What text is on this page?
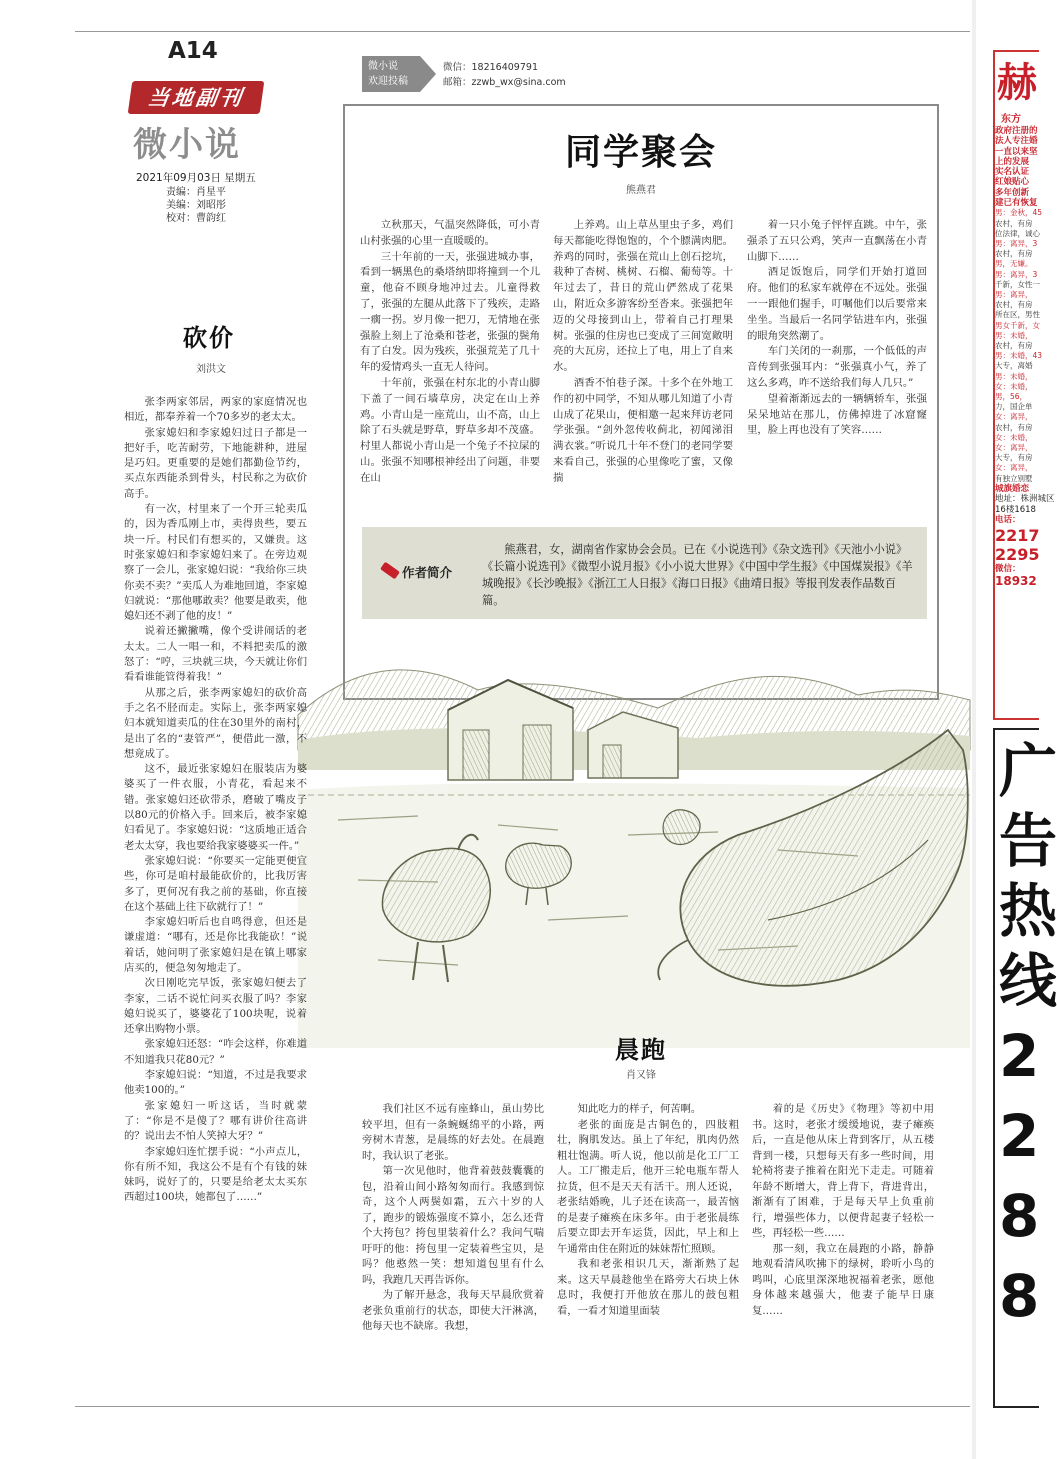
A14
当地副刊
微小说
2021年09月03日 星期五
责编：肖星平
美编：刘昭彤
校对：曹韵红
微小说
欢迎投稿
微信：18216409791
邮箱：zzwb_wx@sina.com
同学聚会
熊燕君

立秋那天，气温突然降低，可小青山村张强的心里一直暖暖的。

三十年前的一天，张强进城办事，看到一辆黑色的桑塔纳即将撞到一个儿童，他奋不顾身地冲过去。儿童得救了，张强的左腿从此落下了残疾，走路一瘸一拐。岁月像一把刀，无情地在张强脸上刻上了沧桑和苍老，张强的鬓角有了白发。因为残疾，张强荒芜了几十年的爱情鸡头一直无人待问。

十年前，张强在村东北的小青山脚下盖了一间石墙草房，决定在山上养鸡。小青山是一座荒山，山不高，山上除了石头就是野草，野草多却不茂盛。村里人都说小青山是一个兔子不拉屎的山。张强不知哪根神经出了问题，非要在山

上养鸡。山上草丛里虫子多，鸡们每天都能吃得饱饱的，个个膘满肉肥。养鸡的同时，张强在荒山上创石挖坑，栽种了杏树、桃树、石榴、葡萄等。十年过去了，昔日的荒山俨然成了花果山，附近众多游客纷至沓来。张强把年迈的父母接到山上，带着自己打理果树。张强的住房也已变成了三间宽敞明亮的大瓦房，还拉上了电，用上了自来水。

酒香不怕巷子深。十多个在外地工作的初中同学，不知从哪儿知道了小青山成了花果山，便相邀一起来拜访老同学张强。“剑外忽传收蓟北，初闻涕泪满衣裳。”听说几十年不登门的老同学要来看自己，张强的心里像吃了蜜，又像揣

着一只小兔子怦怦直跳。中午，张强杀了五只公鸡，笑声一直飘荡在小青山脚下……

酒足饭饱后，同学们开始打道回府。他们的私家车就停在不远处。张强一一跟他们握手，叮嘱他们以后要常来坐坐。当最后一名同学钻进车内，张强的眼角突然潮了。

车门关闭的一刹那，一个低低的声音传到张强耳内：“张强真小气，养了这么多鸡，咋不送给我们每人几只。”

望着渐渐远去的一辆辆轿车，张强呆呆地站在那儿，仿佛掉进了冰窟窿里，脸上再也没有了笑容……

作者简介
熊燕君，女，湖南省作家协会会员。已在《小说选刊》《杂文选刊》《天池小小说》《长篇小说选刊》《微型小说月报》《小小说大世界》《中国中学生报》《中国煤炭报》《羊城晚报》《长沙晚报》《浙江工人日报》《海口日报》《曲靖日报》等报刊发表作品数百篇。
砍价
刘洪文

张李两家邻居，两家的家庭情况也相近，都奉养着一个70多岁的老太太。

张家媳妇和李家媳妇过日子都是一把好手，吃苦耐劳，下地能耕种，进屋是巧妇。更重要的是她们都勤俭节约，买点东西能杀到骨头，村民称之为砍价高手。

有一次，村里来了一个开三轮卖瓜的，因为香瓜刚上市，卖得贵些，要五块一斤。村民们有想买的，又嫌贵。这时张家媳妇和李家媳妇来了。在旁边观察了一会儿，张家媳妇说：“我给你三块你卖不卖？”卖瓜人为难地回道，李家媳妇就说：“那他哪敢卖？他要是敢卖，他媳妇还不剥了他的皮！”

说着还撇撇嘴，像个受讲闹话的老太太。二人一唱一和，不料把卖瓜的激怒了：“哼，三块就三块，今天就让你们看看谁能管得着我！”

从那之后，张李两家媳妇的砍价高手之名不胫而走。实际上，张李两家媳妇本就知道卖瓜的住在30里外的南村，是出了名的“妻管严”，便借此一激，不想竟成了。

这不，最近张家媳妇在服装店为婆婆买了一件衣服，小青花，看起来不错。张家媳妇还砍带杀，磨破了嘴皮子以80元的价格入手。回来后，被李家媳妇看见了。李家媳妇说：“这质地正适合老太太穿，我也要给我家婆婆买一件。”

张家媳妇说：“你要买一定能更便宜些，你可是咱村最能砍价的，比我厉害多了，更何况有我之前的基础，你直接在这个基础上往下砍就行了！”

李家媳妇听后也自鸣得意，但还是谦虚道：“哪有，还是你比我能砍！”说着话，她问明了张家媳妇是在镇上哪家店买的，便急匆匆地走了。

次日刚吃完早饭，张家媳妇便去了李家，二话不说忙问买衣服了吗？李家媳妇说买了，婆婆花了100块呢，说着还拿出购物小票。

张家媳妇还怒：“咋会这样，你难道不知道我只花80元？”

李家媳妇说：“知道，不过是我要求他卖100的。”

张家媳妇一听这话，当时就蒙了：“你是不是傻了？哪有讲价往高讲的？说出去不怕人笑掉大牙？”

李家媳妇连忙摆手说：“小声点儿，你有所不知，我这公不是有个有钱的妹妹吗，说好了的，只要是给老太太买东西超过100块，她都包了……”

晨跑
肖又锋

我们社区不远有座蜂山，虽山势比较平坦，但有一条蜿蜒绵平的小路，两旁树木青葱，是晨练的好去处。在晨跑时，我认识了老张。

第一次见他时，他背着鼓鼓囊囊的包，沿着山间小路匆匆而行。我感到惊奇，这个人两鬓如霜，五六十岁的人了，跑步的锻炼强度不算小，怎么还背个大挎包？挎包里装着什么？我问气喘吁吁的他：挎包里一定装着些宝贝，是吗？他憨然一笑：想知道包里有什么吗，我跑几天再告诉你。

为了解开悬念，我每天早晨欣赏着老张负重前行的状态，即使大汗淋漓，他每天也不缺席。我想，

知此吃力的样子，何苦啊。

老张的面庞是古铜色的，四肢粗壮，胸肌发达。虽上了年纪，肌肉仍然粗壮饱满。听人说，他以前是化工厂工人。工厂搬走后，他开三轮电瓶车帮人拉货，但不是天天有活干。刑人还说，老张结婚晚，儿子还在读高一，最苦恼的是妻子瘫痪在床多年。由于老张晨练后要立即去开车运货，因此，早上和上午通常由住在附近的妹妹帮忙照顾。

我和老张相识几天，渐渐熟了起来。这天早晨趁他坐在路旁大石块上休息时，我便打开他放在那儿的鼓包粗看，一看才知道里面装

着的是《历史》《物理》等初中用书。这时，老张才缓缓地说，妻子瘫痪后，一直是他从床上背到客厅，从五楼背到一楼，只想每天有多一些时间，用轮椅将妻子推着在阳光下走走。可随着年龄不断增大，背上背下，背进背出，渐渐有了困难，于是每天早上负重前行，增强些体力，以便背起妻子轻松一些，再轻松一些……

那一刻，我立在晨跑的小路，静静地观看清风吹拂下的绿树，聆听小鸟的鸣叫，心底里深深地祝福着老张，愿他身体越来越强大，他妻子能早日康复……

赫
东方
政府注册的
法人专注婚
一直以来坚
上的发展
实名认证
红娘贴心
多年创新
建已有恢复
男：金秋，45
农村，有房
位法律，诚心
男：离异，3
农村，有房
男，无嫌。
男：离异，3
千新，女性一
男：离异，
农村，有房
所在区，男性
男女千新，女
男：未婚，
农村，有房
男：未婚，43
大专，离婚
男：未婚，
女：未婚，
男，56，
力，国企单
女：离异，
农村，有房
女：未婚，
女：离异，
大专，有房
女：离异，
有独立别墅
城旗婚恋
地址：株洲城区
16楼1618
电话：
2217
2295
微信：
18932
广告热线
2288
